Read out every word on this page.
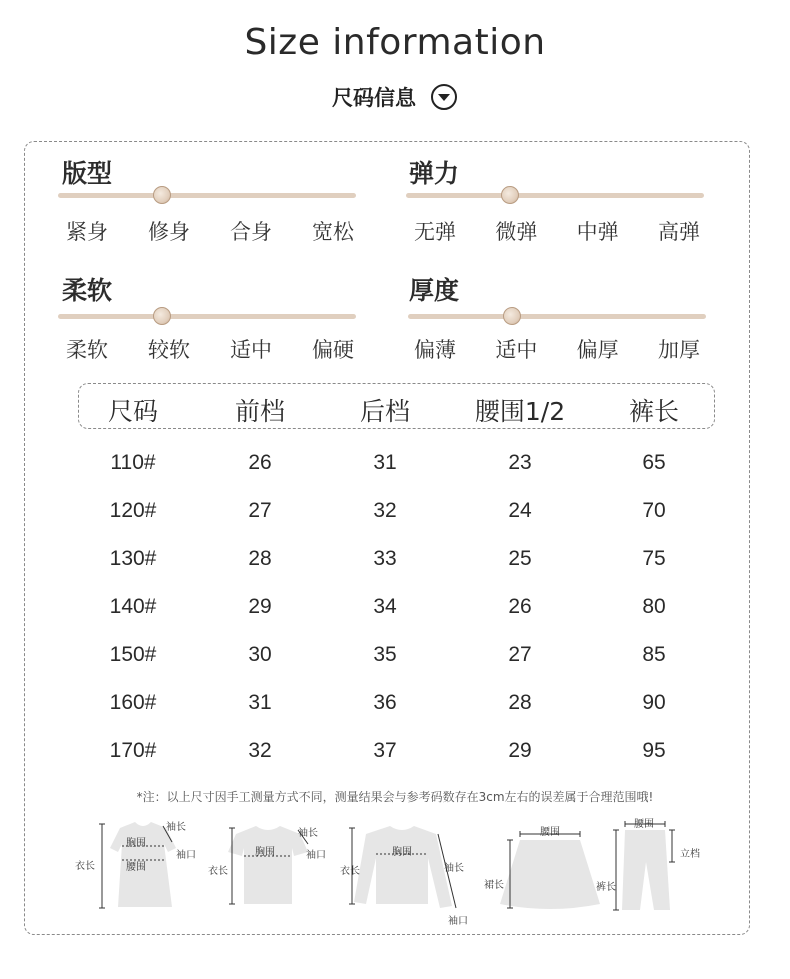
Size information
尺码信息
版型
紧身 修身 合身 宽松
弹力
无弹 微弹 中弹 高弹
柔软
柔软 较软 适中 偏硬
厚度
偏薄 适中 偏厚 加厚
尺码	前档	后档	腰围1/2	裤长
110#	26	31	23	65
120#	27	32	24	70
130#	28	33	25	75
140#	29	34	26	80
150#	30	35	27	85
160#	31	36	28	90
170#	32	37	29	95
*注：以上尺寸因手工测量方式不同，测量结果会与参考码数存在3cm左右的误差属于合理范围哦!
衣长
胸围
腰围
袖长
袖口
衣长
胸围
袖长
袖口
衣长
胸围
袖长
袖口
腰围
裙长
腰围
裤长
立档
